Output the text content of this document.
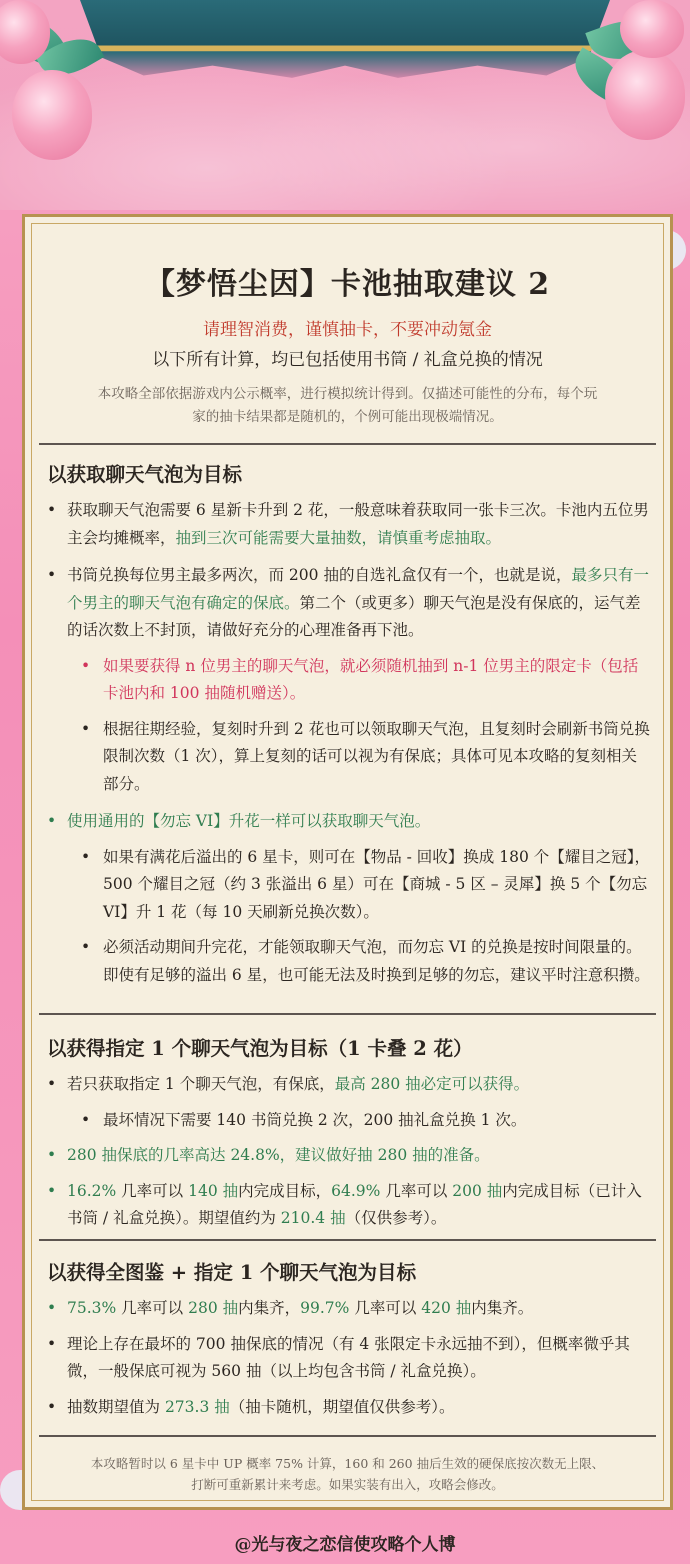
【梦悟尘因】卡池抽取建议 2
请理智消费，谨慎抽卡，不要冲动氪金
以下所有计算，均已包括使用书筒 / 礼盒兑换的情况
本攻略全部依据游戏内公示概率，进行模拟统计得到。仅描述可能性的分布，每个玩
家的抽卡结果都是随机的，个例可能出现极端情况。
以获取聊天气泡为目标
• 获取聊天气泡需要 6 星新卡升到 2 花，一般意味着获取同一张卡三次。卡池内五位男主会均摊概率，抽到三次可能需要大量抽数，请慎重考虑抽取。
• 书筒兑换每位男主最多两次，而 200 抽的自选礼盒仅有一个，也就是说，最多只有一个男主的聊天气泡有确定的保底。第二个（或更多）聊天气泡是没有保底的，运气差的话次数上不封顶，请做好充分的心理准备再下池。
• 如果要获得 n 位男主的聊天气泡，就必须随机抽到 n-1 位男主的限定卡（包括卡池内和 100 抽随机赠送）。
• 根据往期经验，复刻时升到 2 花也可以领取聊天气泡，且复刻时会刷新书筒兑换限制次数（1 次），算上复刻的话可以视为有保底；具体可见本攻略的复刻相关部分。
• 使用通用的【勿忘 VI】升花一样可以获取聊天气泡。
• 如果有满花后溢出的 6 星卡，则可在【物品 - 回收】换成 180 个【耀目之冠】，500 个耀目之冠（约 3 张溢出 6 星）可在【商城 - 5 区 – 灵犀】换 5 个【勿忘 VI】升 1 花（每 10 天刷新兑换次数）。
• 必须活动期间升完花，才能领取聊天气泡，而勿忘 VI 的兑换是按时间限量的。即使有足够的溢出 6 星，也可能无法及时换到足够的勿忘，建议平时注意积攒。
以获得指定 1 个聊天气泡为目标（1 卡叠 2 花）
• 若只获取指定 1 个聊天气泡，有保底，最高 280 抽必定可以获得。
• 最坏情况下需要 140 书筒兑换 2 次，200 抽礼盒兑换 1 次。
• 280 抽保底的几率高达 24.8%，建议做好抽 280 抽的准备。
• 16.2% 几率可以 140 抽内完成目标，64.9% 几率可以 200 抽内完成目标（已计入书筒 / 礼盒兑换）。期望值约为 210.4 抽（仅供参考）。
以获得全图鉴 + 指定 1 个聊天气泡为目标
• 75.3% 几率可以 280 抽内集齐，99.7% 几率可以 420 抽内集齐。
• 理论上存在最坏的 700 抽保底的情况（有 4 张限定卡永远抽不到），但概率微乎其微，一般保底可视为 560 抽（以上均包含书筒 / 礼盒兑换）。
• 抽数期望值为 273.3 抽（抽卡随机，期望值仅供参考）。
本攻略暂时以 6 星卡中 UP 概率 75% 计算，160 和 260 抽后生效的硬保底按次数无上限、
打断可重新累计来考虑。如果实装有出入，攻略会修改。
@光与夜之恋信使攻略个人博
